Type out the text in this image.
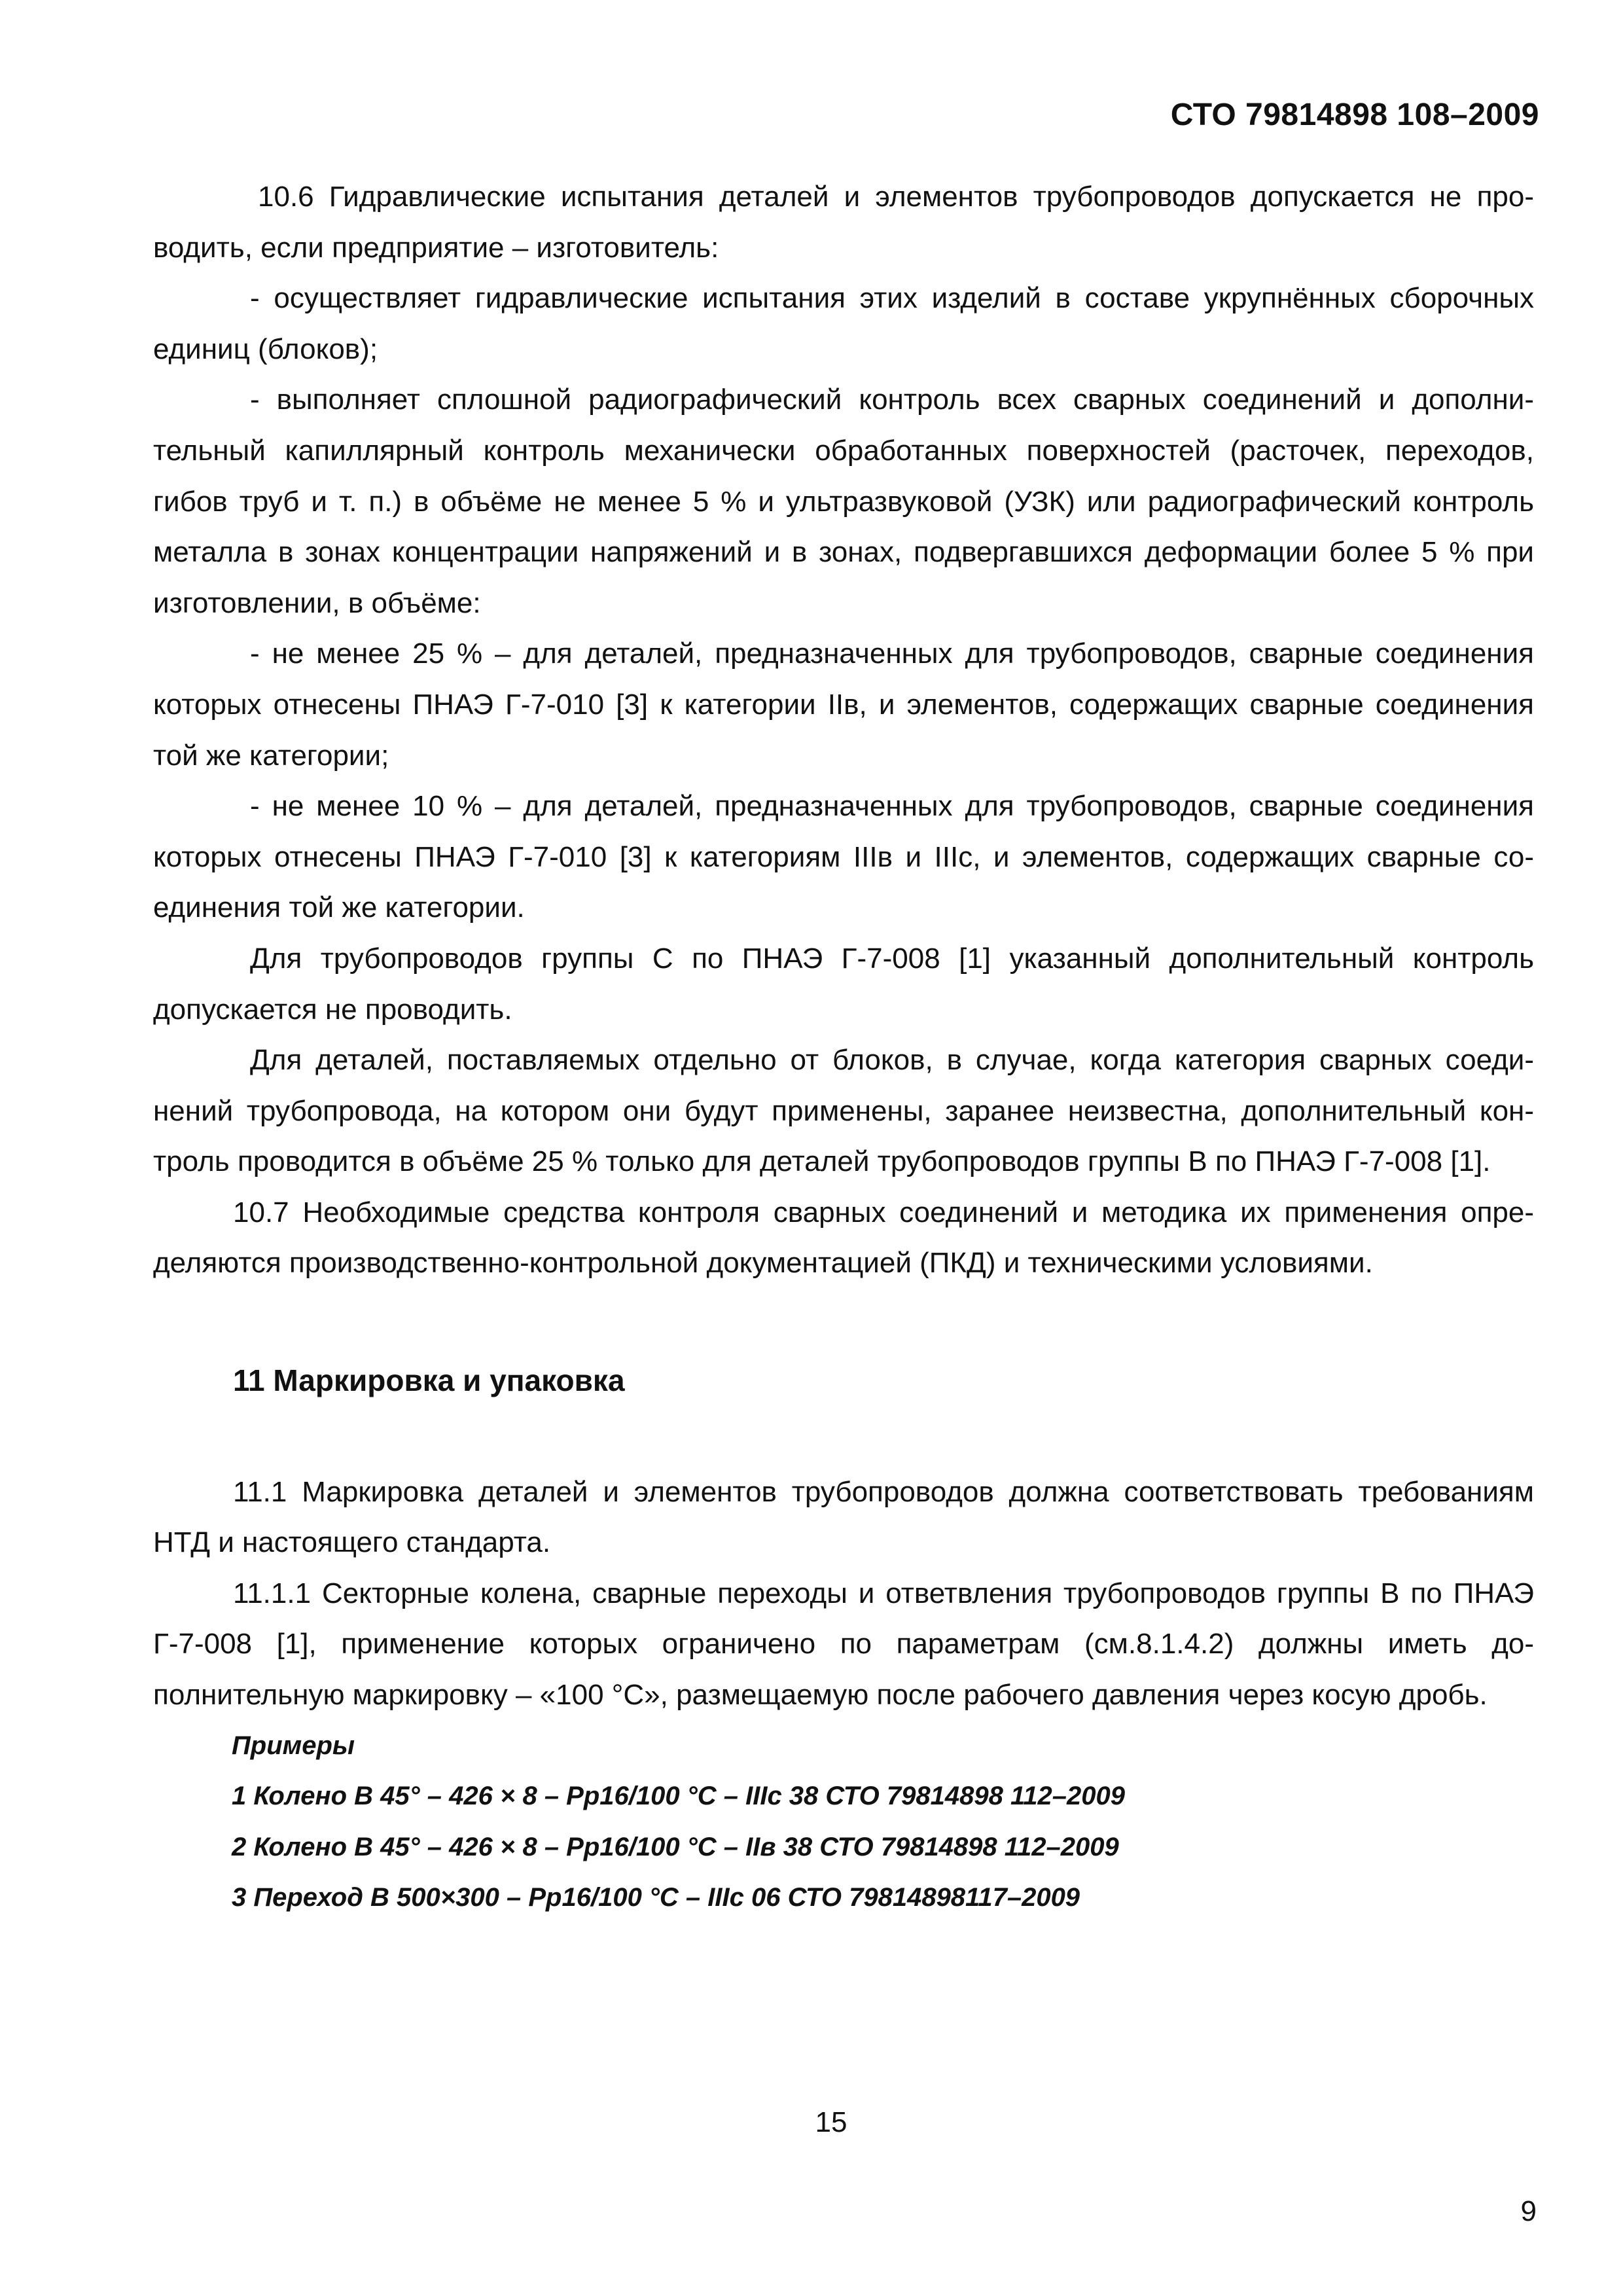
СТО 79814898 108–2009

10.6 Гидравлические испытания деталей и элементов трубопроводов допускается не проводить, если предприятие – изготовитель:

- осуществляет гидравлические испытания этих изделий в составе укрупнённых сборочных единиц (блоков);

- выполняет сплошной радиографический контроль всех сварных соединений и дополнительный капиллярный контроль механически обработанных поверхностей (расточек, переходов, гибов труб и т. п.) в объёме не менее 5 % и ультразвуковой (УЗК) или радиографический контроль металла в зонах концентрации напряжений и в зонах, подвергавшихся деформации более 5 % при изготовлении, в объёме:

- не менее 25 % – для деталей, предназначенных для трубопроводов, сварные соединения которых отнесены ПНАЭ Г-7-010 [3] к категории IIв, и элементов, содержащих сварные соединения той же категории;

- не менее 10 % – для деталей, предназначенных для трубопроводов, сварные соединения которых отнесены ПНАЭ Г-7-010 [3] к категориям IIIв и IIIс, и элементов, содержащих сварные соединения той же категории.

Для трубопроводов группы С по ПНАЭ Г-7-008 [1] указанный дополнительный контроль допускается не проводить.

Для деталей, поставляемых отдельно от блоков, в случае, когда категория сварных соединений трубопровода, на котором они будут применены, заранее неизвестна, дополнительный контроль проводится в объёме 25 % только для деталей трубопроводов группы В по ПНАЭ Г-7-008 [1].

10.7 Необходимые средства контроля сварных соединений и методика их применения определяются производственно-контрольной документацией (ПКД) и техническими условиями.

11 Маркировка и упаковка

11.1 Маркировка деталей и элементов трубопроводов должна соответствовать требованиям НТД и настоящего стандарта.

11.1.1 Секторные колена, сварные переходы и ответвления трубопроводов группы В по ПНАЭ Г-7-008 [1], применение которых ограничено по параметрам (см.8.1.4.2) должны иметь дополнительную маркировку – «100 °С», размещаемую после рабочего давления через косую дробь.

Примеры
1 Колено В 45° – 426 × 8 – Рр16/100 °С – IIIс 38 СТО 79814898 112–2009
2 Колено В 45° – 426 × 8 – Рр16/100 °С – IIв 38 СТО 79814898 112–2009
3 Переход В 500×300 – Рр16/100 °С – IIIс 06 СТО 79814898117–2009
15
9
